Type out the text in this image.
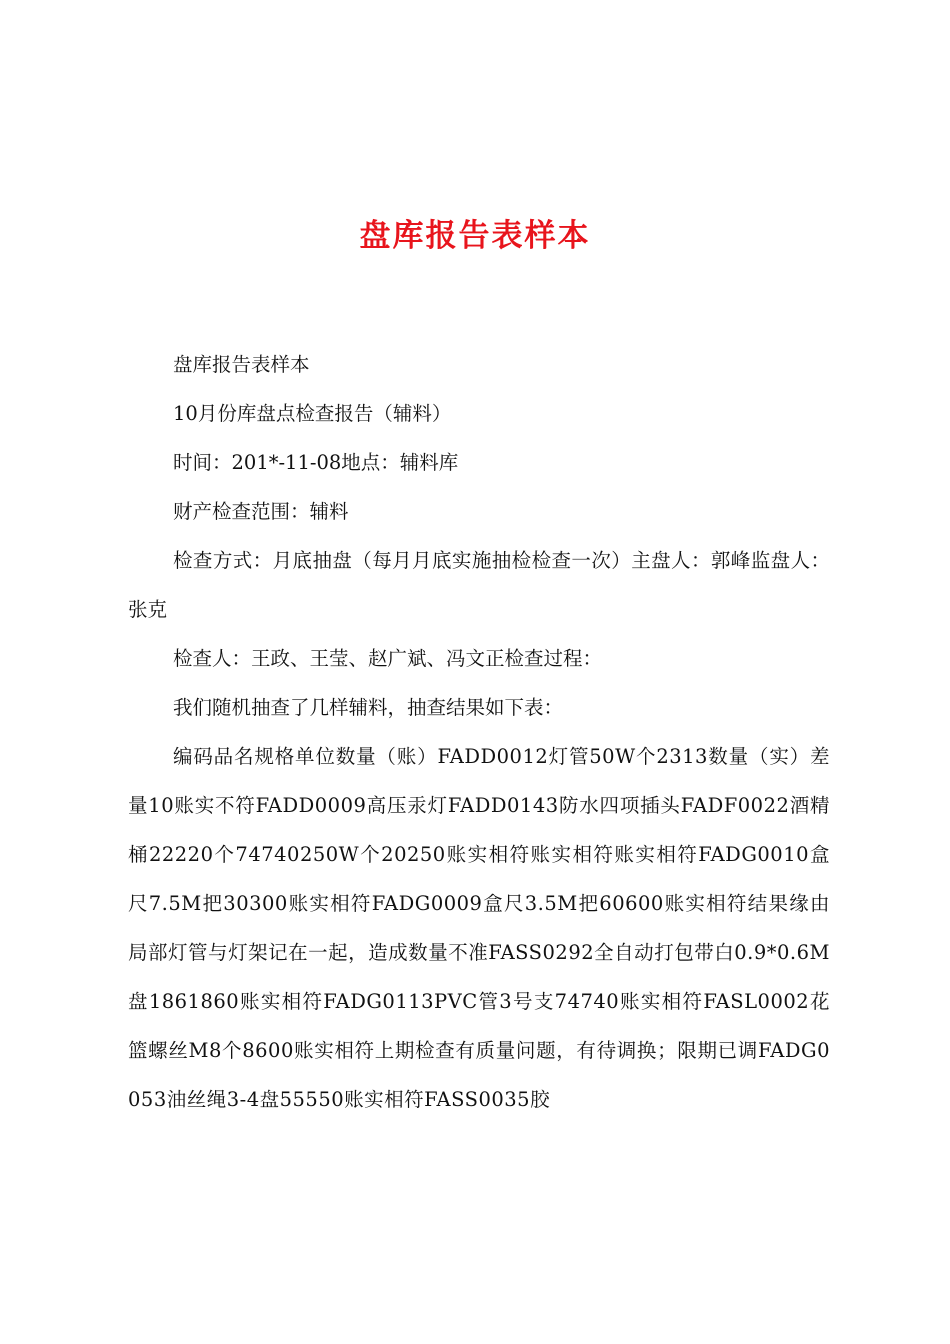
盘库报告表样本

盘库报告表样本

10月份库盘点检查报告（辅料）

时间：201*-11-08地点：辅料库

财产检查范围：辅料

检查方式：月底抽盘（每月月底实施抽检检查一次）主盘人：郭峰监盘人：张克

检查人：王政、王莹、赵广斌、冯文正检查过程：

我们随机抽查了几样辅料，抽查结果如下表：

编码品名规格单位数量（账）FADD0012灯管50W个2313数量（实）差量10账实不符FADD0009高压汞灯FADD0143防水四项插头FADF0022酒精桶22220个74740250W个20250账实相符账实相符账实相符FADG0010盒尺7.5M把30300账实相符FADG0009盒尺3.5M把60600账实相符结果缘由局部灯管与灯架记在一起，造成数量不准FASS0292全自动打包带白0.9*0.6M盘1861860账实相符FADG0113PVC管3号支74740账实相符FASL0002花篮螺丝M8个8600账实相符上期检查有质量问题，有待调换；限期已调FADG0053油丝绳3-4盘55550账实相符FASS0035胶
